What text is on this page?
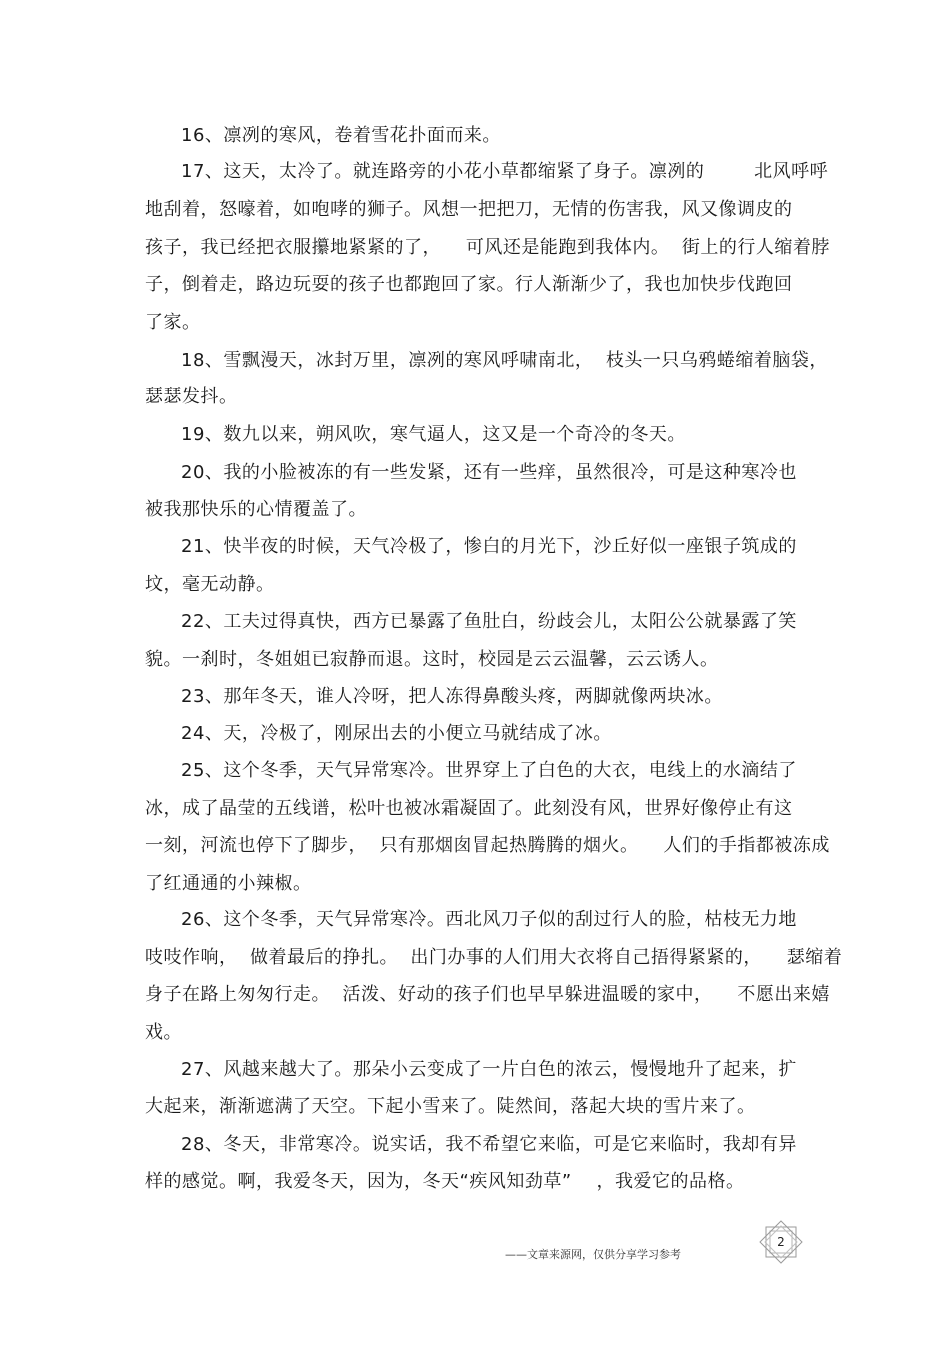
16、凛冽的寒风，卷着雪花扑面而来。
17、这天，太冷了。就连路旁的小花小草都缩紧了身子。凛冽的        北风呼呼
地刮着，怒嚎着，如咆哮的狮子。风想一把把刀，无情的伤害我，风又像调皮的
孩子，我已经把衣服攥地紧紧的了，    可风还是能跑到我体内。  街上的行人缩着脖
子，倒着走，路边玩耍的孩子也都跑回了家。行人渐渐少了，我也加快步伐跑回
了家。
18、雪飘漫天，冰封万里，凛冽的寒风呼啸南北，  枝头一只乌鸦蜷缩着脑袋，
瑟瑟发抖。
19、数九以来，朔风吹，寒气逼人，这又是一个奇冷的冬天。
20、我的小脸被冻的有一些发紧，还有一些痒，虽然很冷，可是这种寒冷也
被我那快乐的心情覆盖了。
21、快半夜的时候，天气冷极了，惨白的月光下，沙丘好似一座银子筑成的
坟，毫无动静。
22、工夫过得真快，西方已暴露了鱼肚白，纷歧会儿，太阳公公就暴露了笑
貌。一刹时，冬姐姐已寂静而退。这时，校园是云云温馨，云云诱人。
23、那年冬天，谁人冷呀，把人冻得鼻酸头疼，两脚就像两块冰。
24、天，冷极了，刚尿出去的小便立马就结成了冰。
25、这个冬季，天气异常寒冷。世界穿上了白色的大衣，电线上的水滴结了
冰，成了晶莹的五线谱，松叶也被冰霜凝固了。此刻没有风，世界好像停止有这
一刻，河流也停下了脚步，  只有那烟囱冒起热腾腾的烟火。    人们的手指都被冻成
了红通通的小辣椒。
26、这个冬季，天气异常寒冷。西北风刀子似的刮过行人的脸，枯枝无力地
吱吱作响，  做着最后的挣扎。  出门办事的人们用大衣将自己捂得紧紧的，    瑟缩着
身子在路上匆匆行走。  活泼、好动的孩子们也早早躲进温暖的家中，    不愿出来嬉
戏。
27、风越来越大了。那朵小云变成了一片白色的浓云，慢慢地升了起来，扩
大起来，渐渐遮满了天空。下起小雪来了。陡然间，落起大块的雪片来了。
28、冬天，非常寒冷。说实话，我不希望它来临，可是它来临时，我却有异
样的感觉。啊，我爱冬天，因为，冬天“疾风知劲草”    ，我爱它的品格。
——文章来源网，仅供分享学习参考
2
